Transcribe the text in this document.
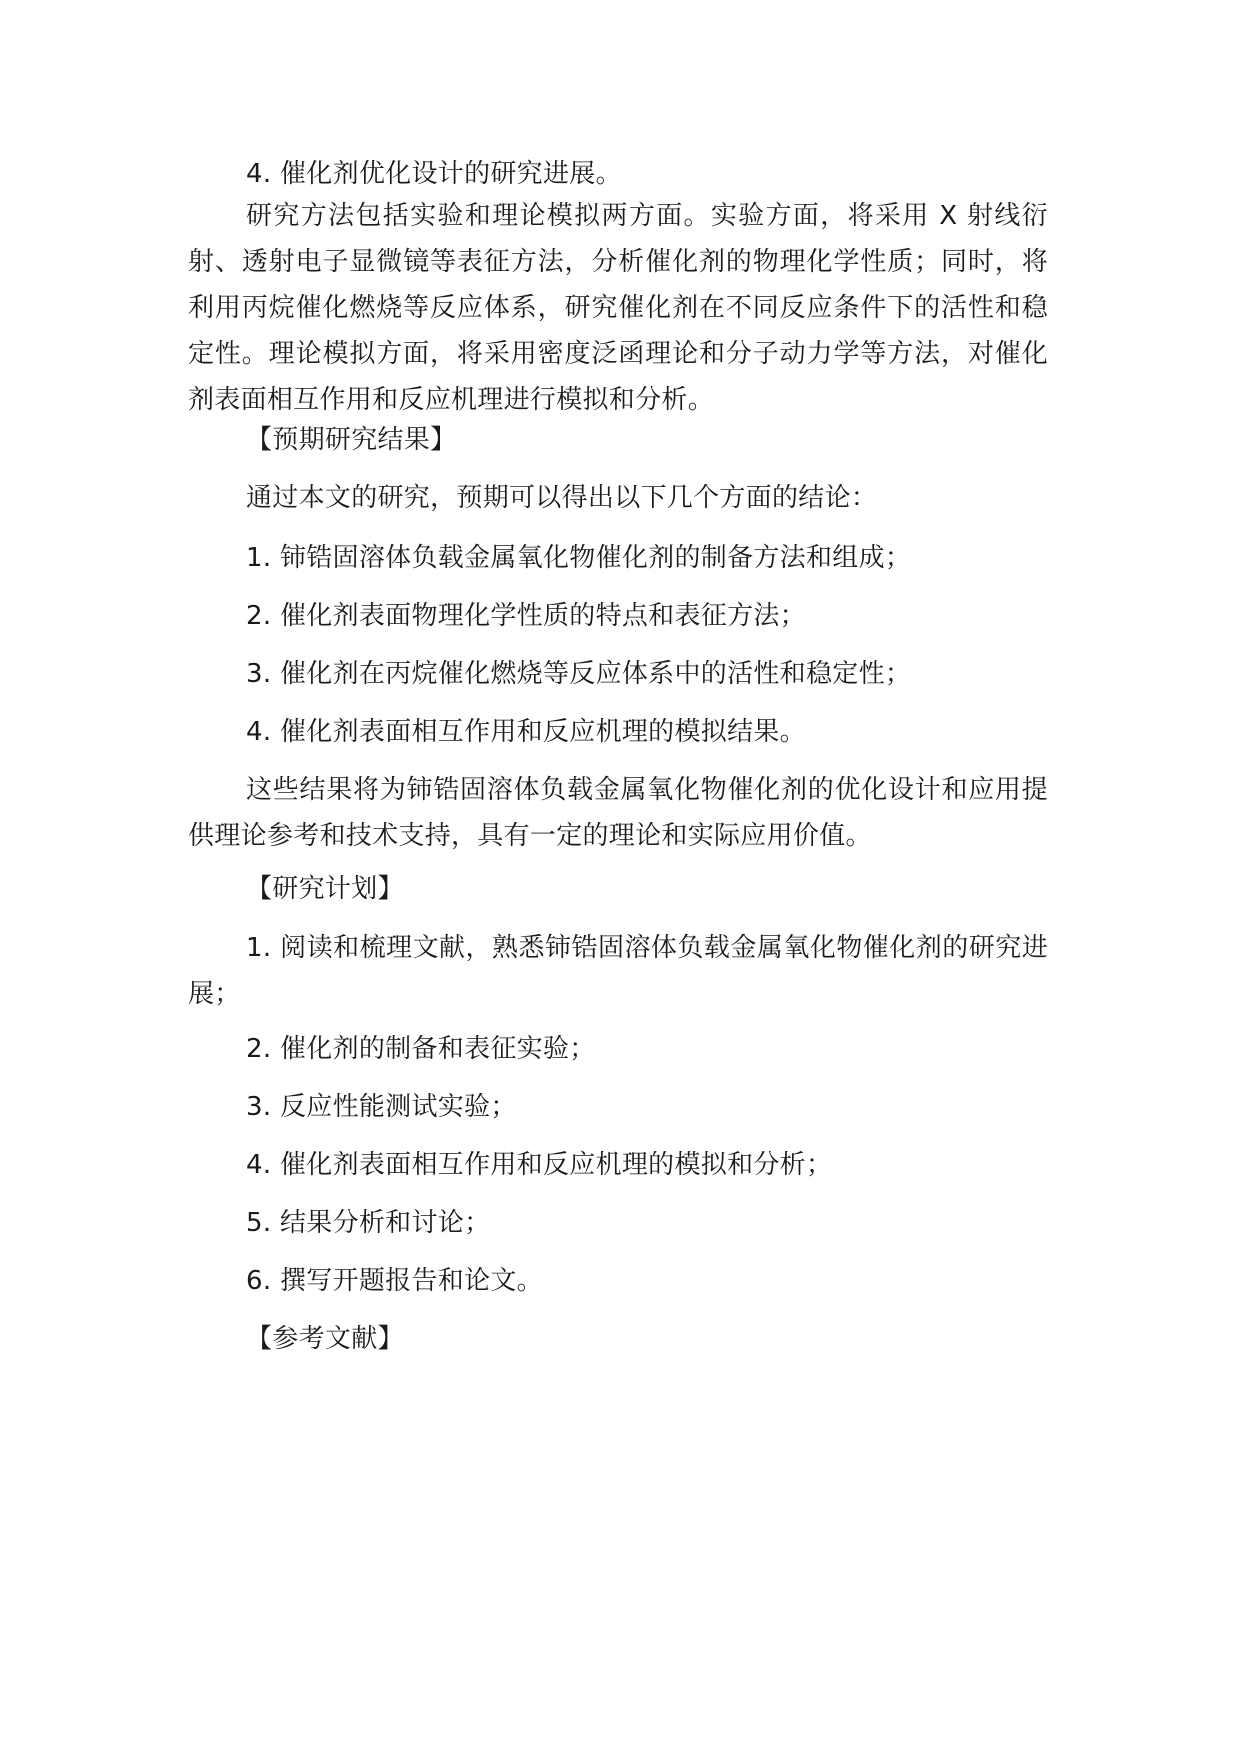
4. 催化剂优化设计的研究进展。

研究方法包括实验和理论模拟两方面。实验方面，将采用 X 射线衍射、透射电子显微镜等表征方法，分析催化剂的物理化学性质；同时，将利用丙烷催化燃烧等反应体系，研究催化剂在不同反应条件下的活性和稳定性。理论模拟方面，将采用密度泛函理论和分子动力学等方法，对催化剂表面相互作用和反应机理进行模拟和分析。

【预期研究结果】

通过本文的研究，预期可以得出以下几个方面的结论：

1. 铈锆固溶体负载金属氧化物催化剂的制备方法和组成；

2. 催化剂表面物理化学性质的特点和表征方法；

3. 催化剂在丙烷催化燃烧等反应体系中的活性和稳定性；

4. 催化剂表面相互作用和反应机理的模拟结果。

这些结果将为铈锆固溶体负载金属氧化物催化剂的优化设计和应用提供理论参考和技术支持，具有一定的理论和实际应用价值。

【研究计划】

1. 阅读和梳理文献，熟悉铈锆固溶体负载金属氧化物催化剂的研究进展；

2. 催化剂的制备和表征实验；

3. 反应性能测试实验；

4. 催化剂表面相互作用和反应机理的模拟和分析；

5. 结果分析和讨论；

6. 撰写开题报告和论文。

【参考文献】
